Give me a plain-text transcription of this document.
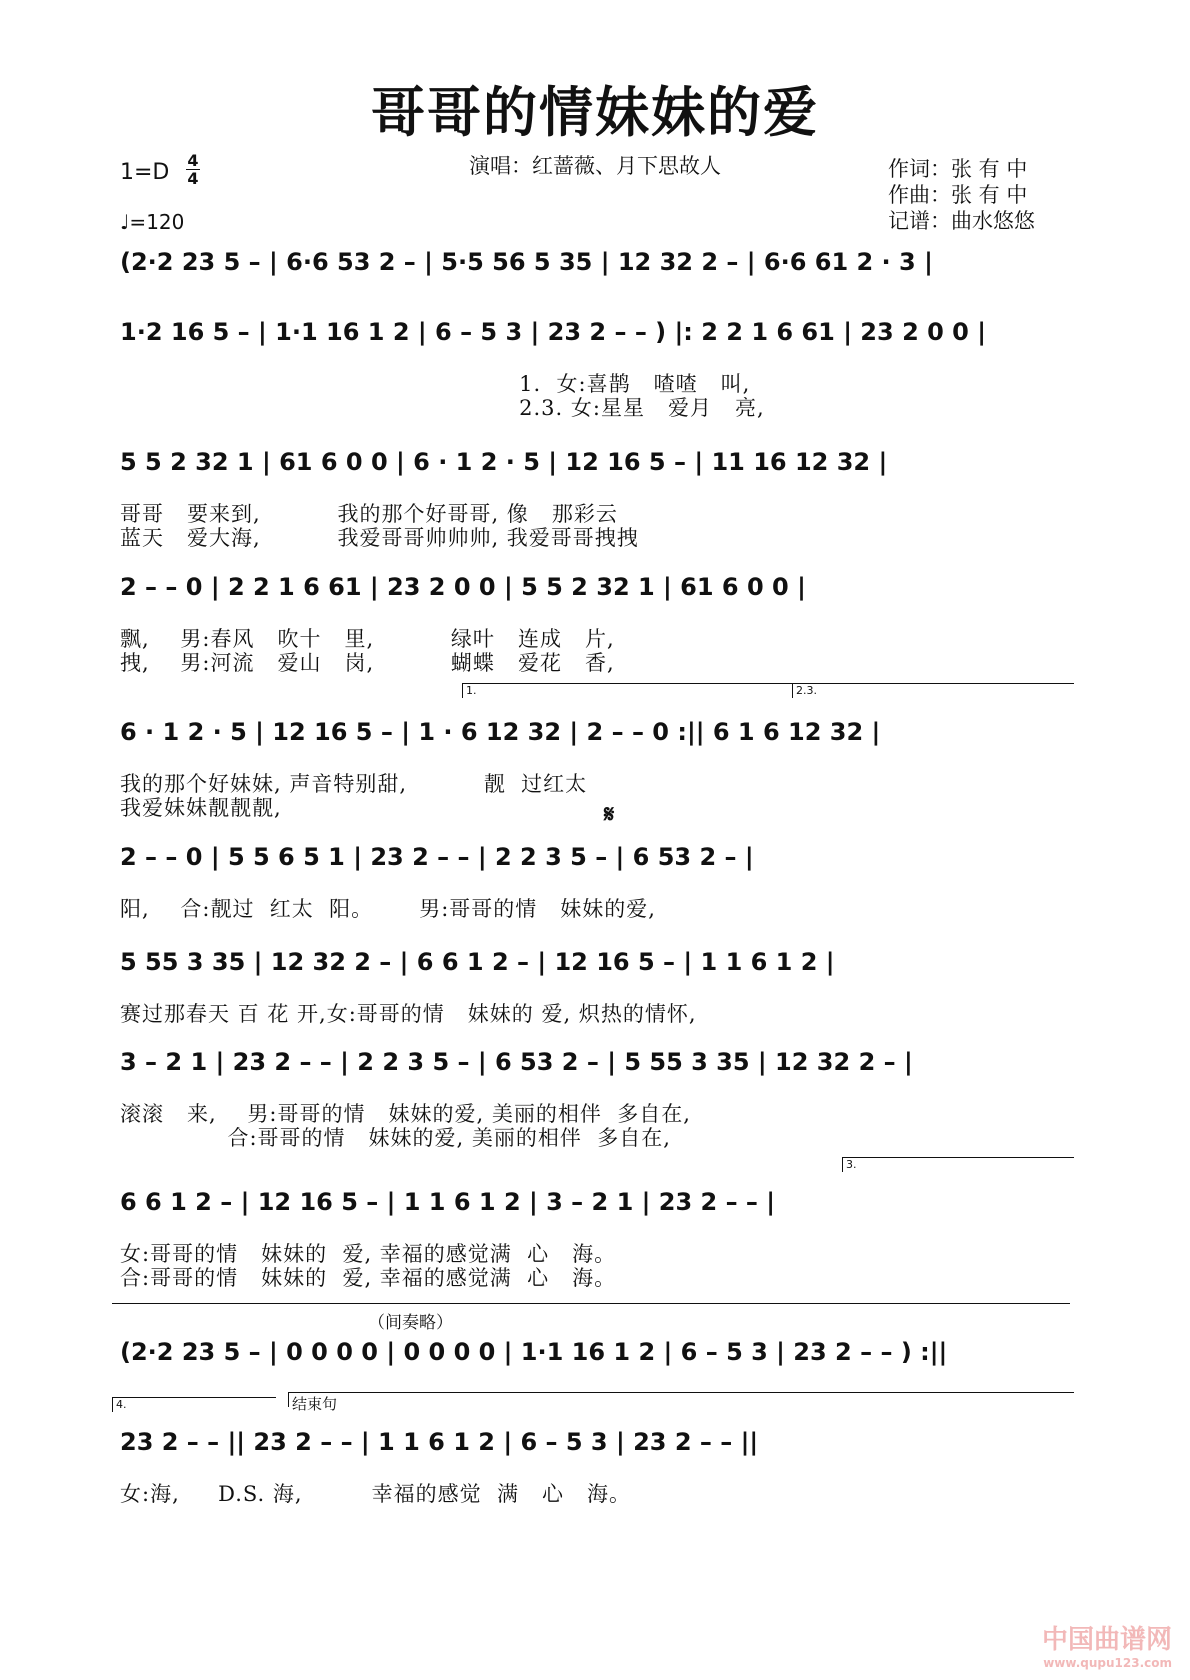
哥哥的情妹妹的爱
演唱：红蔷薇、月下思故人
1=D 4
4
♩=120
作词：张 有 中
作曲：张 有 中
记谱：曲水悠悠
1.	2.3.
𝄋
3.
（间奏略）
4.	结束句
(2·2 23 5 – | 6·6 53 2 – | 5·5 56 5 35 | 12 32 2 – | 6·6 61 2 · 3 |
1·2 16 5 – | 1·1 16 1 2 | 6 – 5 3 | 23 2 – – ) |: 2 2 1 6 61 | 23 2 0 0 |
1.  女:喜鹊   喳喳   叫,
2.3. 女:星星   爱月   亮,
5 5 2 32 1 | 61 6 0 0 | 6 · 1 2 · 5 | 12 16 5 – | 11 16 12 32 |
哥哥   要来到,          我的那个好哥哥, 像   那彩云
蓝天   爱大海,          我爱哥哥帅帅帅, 我爱哥哥拽拽
2 – – 0 | 2 2 1 6 61 | 23 2 0 0 | 5 5 2 32 1 | 61 6 0 0 |
飘,    男:春风   吹十   里,          绿叶   连成   片,
拽,    男:河流   爱山   岗,          蝴蝶   爱花   香,
6 · 1 2 · 5 | 12 16 5 – | 1 · 6 12 32 | 2 – – 0 :|| 6 1 6 12 32 |
我的那个好妹妹, 声音特别甜,          靓  过红太
我爱妹妹靓靓靓,
2 – – 0 | 5 5 6 5 1 | 23 2 – – | 2 2 3 5 – | 6 53 2 – |
阳,    合:靓过  红太  阳。      男:哥哥的情   妹妹的爱,
5 55 3 35 | 12 32 2 – | 6 6 1 2 – | 12 16 5 – | 1 1 6 1 2 |
赛过那春天 百 花 开,女:哥哥的情   妹妹的 爱, 炽热的情怀,
3 – 2 1 | 23 2 – – | 2 2 3 5 – | 6 53 2 – | 5 55 3 35 | 12 32 2 – |
滚滚   来,    男:哥哥的情   妹妹的爱, 美丽的相伴  多自在,
合:哥哥的情   妹妹的爱, 美丽的相伴  多自在,
6 6 1 2 – | 12 16 5 – | 1 1 6 1 2 | 3 – 2 1 | 23 2 – – |
女:哥哥的情   妹妹的  爱, 幸福的感觉满  心   海。
合:哥哥的情   妹妹的  爱, 幸福的感觉满  心   海。
(2·2 23 5 – | 0 0 0 0 | 0 0 0 0 | 1·1 16 1 2 | 6 – 5 3 | 23 2 – – ) :||
23 2 – – || 23 2 – – | 1 1 6 1 2 | 6 – 5 3 | 23 2 – – ||
女:海,     D.S. 海,         幸福的感觉  满   心   海。
中国曲谱网
www.qupu123.com
